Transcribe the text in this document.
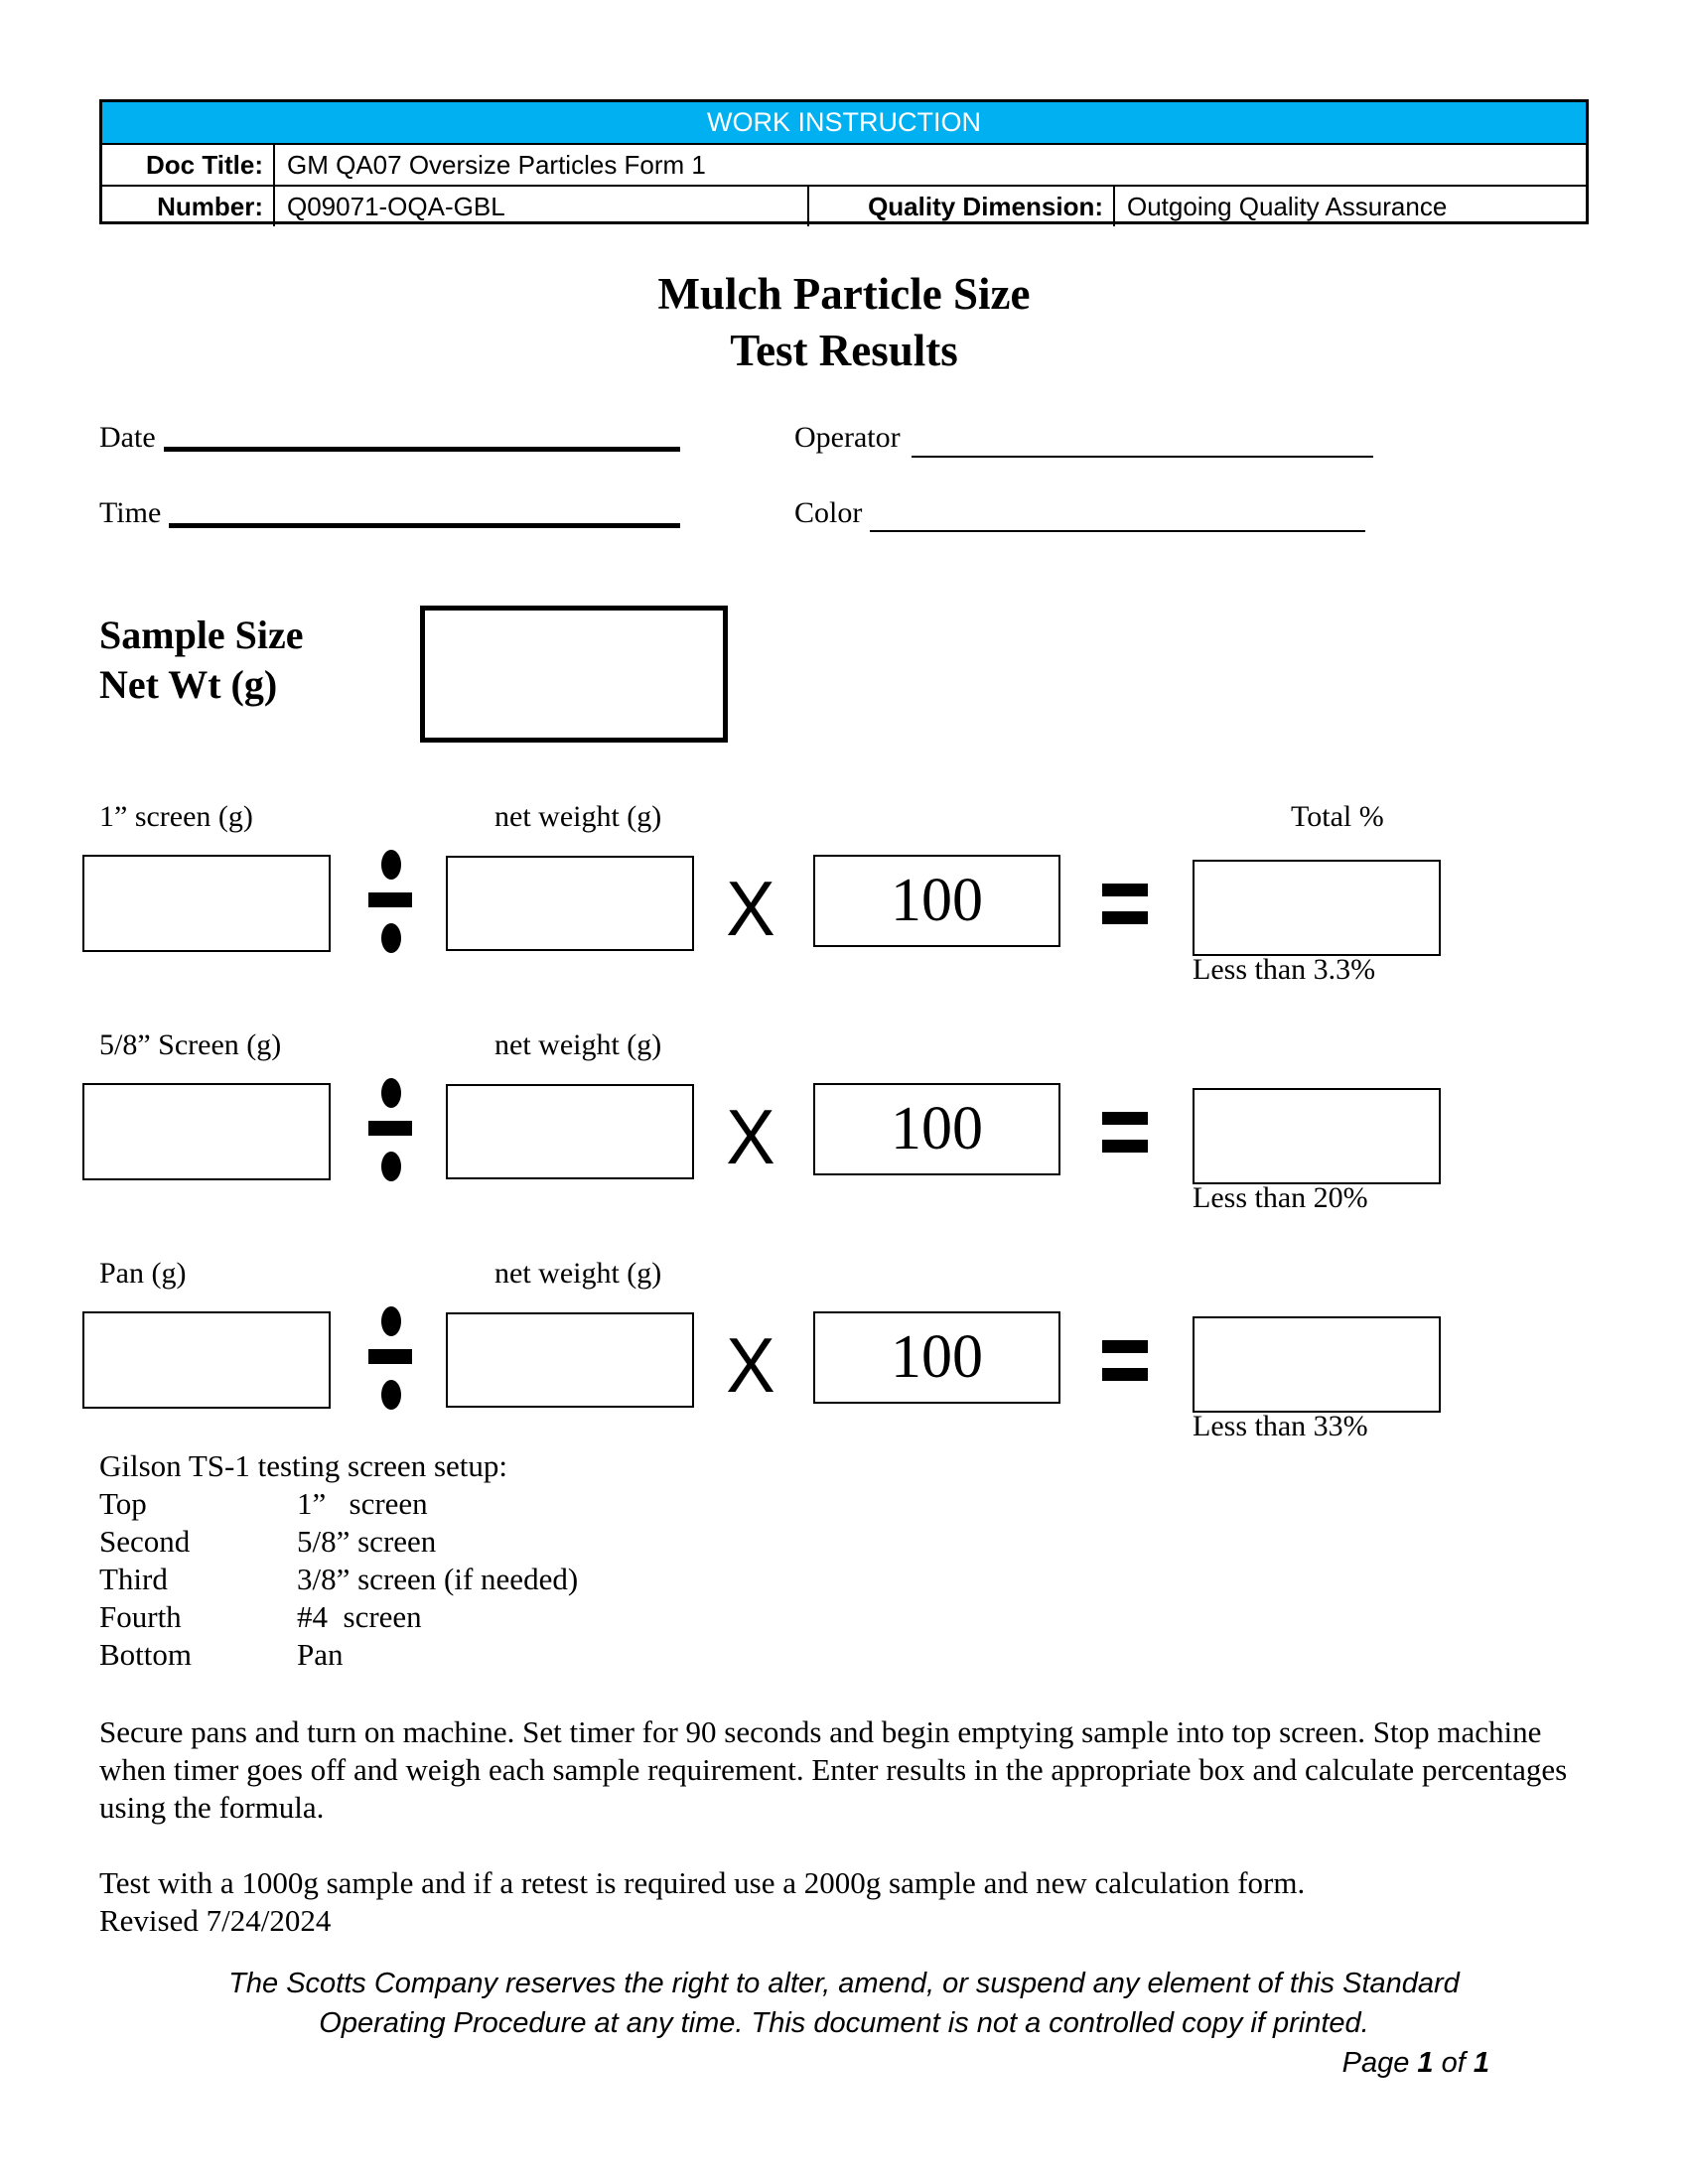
WORK INSTRUCTION
Doc Title: GM QA07 Oversize Particles Form 1
Number: Q09071-OQA-GBL	Quality Dimension: Outgoing Quality Assurance
Mulch Particle Size
Test Results
Date
Time
Operator
Color
Sample Size
Net Wt (g)
1” screen (g)	net weight (g)	Total %
X	100
Less than 3.3%
5/8” Screen (g)	net weight (g)
X	100
Less than 20%
Pan (g)	net weight (g)
X	100
Less than 33%
Gilson TS-1 testing screen setup:
Top	1”   screen
Second	5/8” screen
Third	3/8” screen (if needed)
Fourth	#4  screen
Bottom	Pan
Secure pans and turn on machine. Set timer for 90 seconds and begin emptying sample into top screen. Stop machine when timer goes off and weigh each sample requirement. Enter results in the appropriate box and calculate percentages using the formula.
Test with a 1000g sample and if a retest is required use a 2000g sample and new calculation form.
Revised 7/24/2024
The Scotts Company reserves the right to alter, amend, or suspend any element of this Standard
Operating Procedure at any time. This document is not a controlled copy if printed.
Page 1 of 1
